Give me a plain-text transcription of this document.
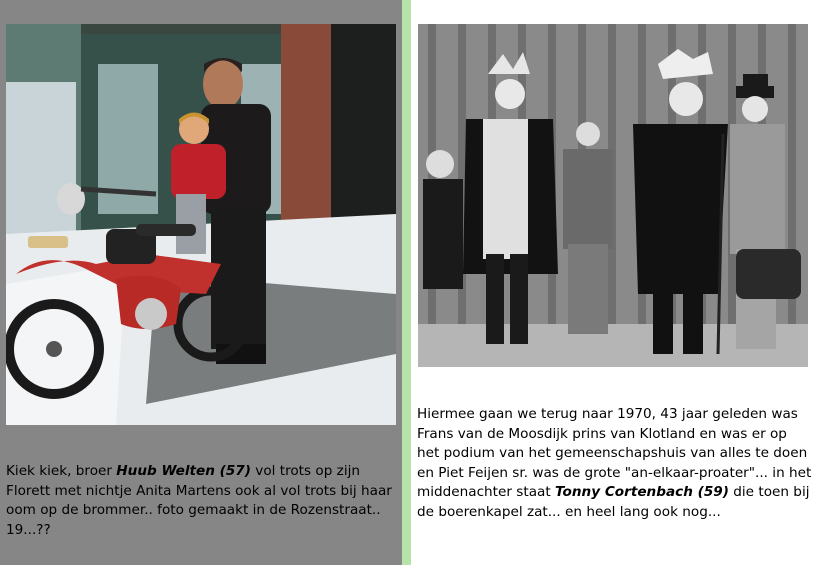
Kiek kiek, broer Huub Welten (57) vol trots op zijn Florett met nichtje Anita Martens ook al vol trots bij haar oom op de brommer.. foto gemaakt in de Rozenstraat.. 19...??
Hiermee gaan we terug naar 1970, 43 jaar geleden was Frans van de Moosdijk prins van Klotland en was er op het podium van het gemeenschapshuis van alles te doen en Piet Feijen sr. was de grote "an-elkaar-proater"... in het middenachter staat Tonny Cortenbach (59) die toen bij de boerenkapel zat... en heel lang ook nog...
